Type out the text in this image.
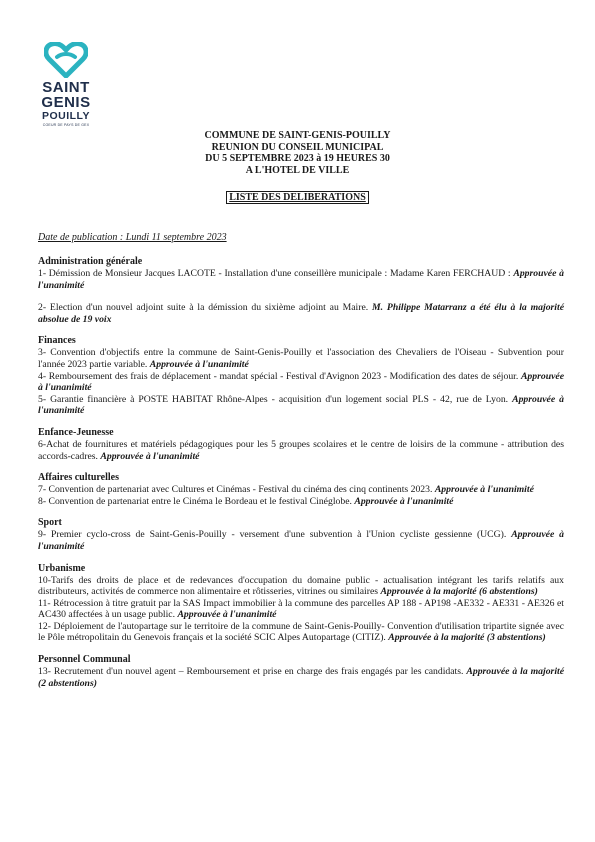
SAINT
GENIS
POUILLY
COEUR DE PAYS DE GEX
COMMUNE DE SAINT-GENIS-POUILLY
REUNION DU CONSEIL MUNICIPAL
DU 5 SEPTEMBRE 2023 à 19 HEURES 30
A L'HOTEL DE VILLE
LISTE DES DELIBERATIONS
Date de publication : Lundi 11 septembre 2023
Administration générale

1- Démission de Monsieur Jacques LACOTE - Installation d'une conseillère municipale : Madame Karen FERCHAUD : Approuvée à l'unanimité

2- Election d'un nouvel adjoint suite à la démission du sixième adjoint au Maire. M. Philippe Matarranz a été élu à la majorité absolue de 19 voix

Finances

3- Convention d'objectifs entre la commune de Saint-Genis-Pouilly et l'association des Chevaliers de l'Oiseau - Subvention pour l'année 2023 partie variable. Approuvée à l'unanimité

4- Remboursement des frais de déplacement - mandat spécial - Festival d'Avignon 2023 - Modification des dates de séjour. Approuvée à l'unanimité

5- Garantie financière à POSTE HABITAT Rhône-Alpes - acquisition d'un logement social PLS - 42, rue de Lyon. Approuvée à l'unanimité

Enfance-Jeunesse

6-Achat de fournitures et matériels pédagogiques pour les 5 groupes scolaires et le centre de loisirs de la commune - attribution des accords-cadres. Approuvée à l'unanimité

Affaires culturelles

7- Convention de partenariat avec Cultures et Cinémas - Festival du cinéma des cinq continents 2023. Approuvée à l'unanimité

8- Convention de partenariat entre le Cinéma le Bordeau et le festival Cinéglobe. Approuvée à l'unanimité

Sport

9- Premier cyclo-cross de Saint-Genis-Pouilly - versement d'une subvention à l'Union cycliste gessienne (UCG). Approuvée à l'unanimité

Urbanisme

10-Tarifs des droits de place et de redevances d'occupation du domaine public - actualisation intégrant les tarifs relatifs aux distributeurs, activités de commerce non alimentaire et rôtisseries, vitrines ou similaires Approuvée à la majorité (6 abstentions)

11- Rétrocession à titre gratuit par la SAS Impact immobilier à la commune des parcelles AP 188 - AP198 -AE332 - AE331 - AE326 et AC430 affectées à un usage public. Approuvée à l'unanimité

12- Déploiement de l'autopartage sur le territoire de la commune de Saint-Genis-Pouilly- Convention d'utilisation tripartite signée avec le Pôle métropolitain du Genevois français et la société SCIC Alpes Autopartage (CITIZ). Approuvée à la majorité (3 abstentions)

Personnel Communal

13- Recrutement d'un nouvel agent – Remboursement et prise en charge des frais engagés par les candidats. Approuvée à la majorité (2 abstentions)
